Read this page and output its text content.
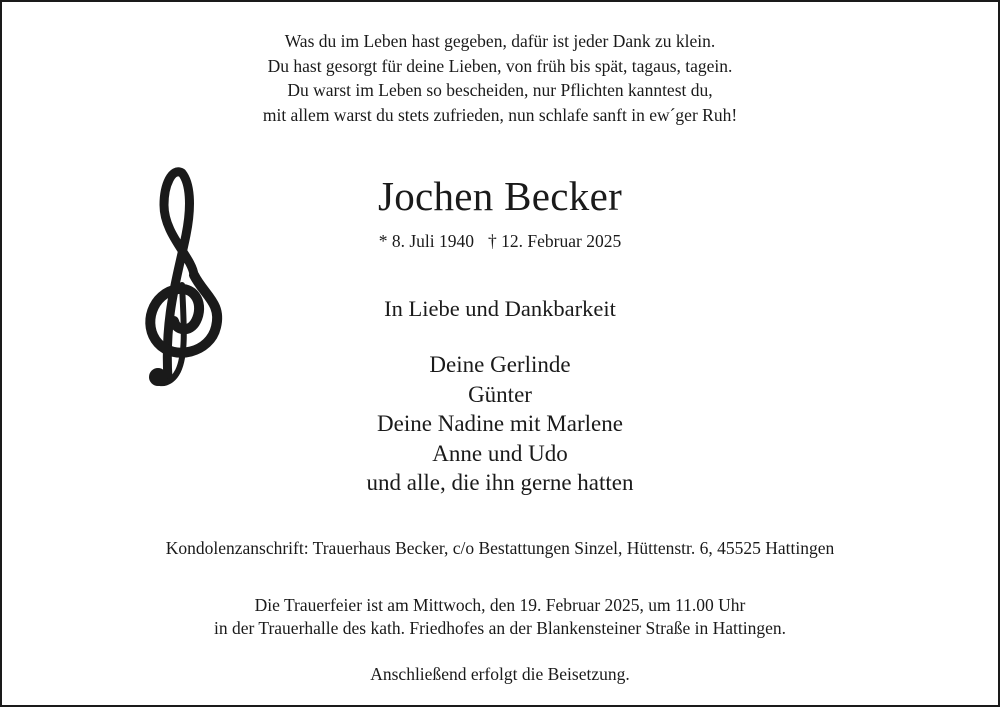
Was du im Leben hast gegeben, dafür ist jeder Dank zu klein.
Du hast gesorgt für deine Lieben, von früh bis spät, tagaus, tagein.
Du warst im Leben so bescheiden, nur Pflichten kanntest du,
mit allem warst du stets zufrieden, nun schlafe sanft in ew´ger Ruh!
Jochen Becker
* 8. Juli 1940 † 12. Februar 2025
In Liebe und Dankbarkeit
Deine Gerlinde
Günter
Deine Nadine mit Marlene
Anne und Udo
und alle, die ihn gerne hatten
Kondolenzanschrift: Trauerhaus Becker, c/o Bestattungen Sinzel, Hüttenstr. 6, 45525 Hattingen
Die Trauerfeier ist am Mittwoch, den 19. Februar 2025, um 11.00 Uhr
in der Trauerhalle des kath. Friedhofes an der Blankensteiner Straße in Hattingen.
Anschließend erfolgt die Beisetzung.
